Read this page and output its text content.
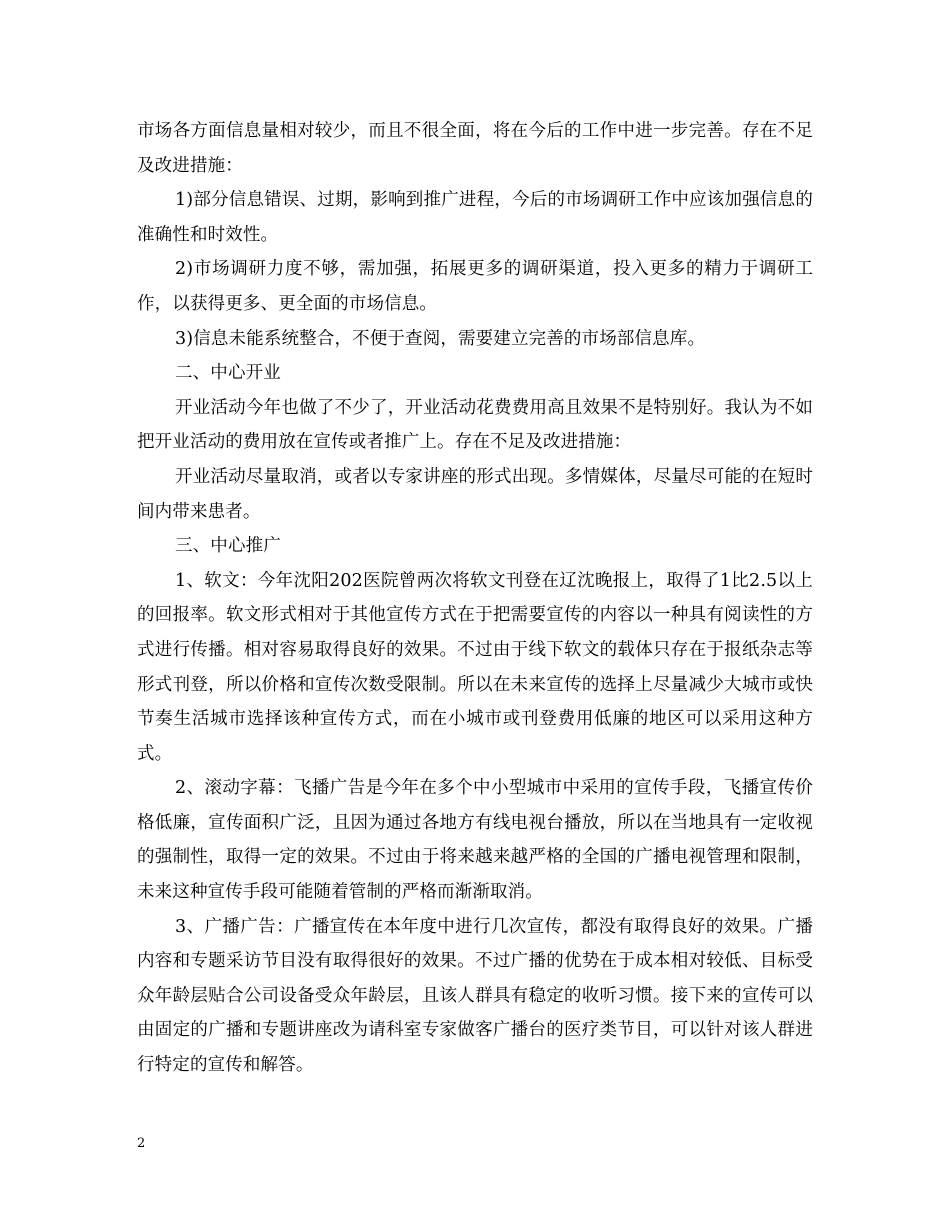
市场各方面信息量相对较少，而且不很全面，将在今后的工作中进一步完善。存在不足及改进措施：

1)部分信息错误、过期，影响到推广进程，今后的市场调研工作中应该加强信息的准确性和时效性。

2)市场调研力度不够，需加强，拓展更多的调研渠道，投入更多的精力于调研工作，以获得更多、更全面的市场信息。

3)信息未能系统整合，不便于查阅，需要建立完善的市场部信息库。

二、中心开业

开业活动今年也做了不少了，开业活动花费费用高且效果不是特别好。我认为不如把开业活动的费用放在宣传或者推广上。存在不足及改进措施：

开业活动尽量取消，或者以专家讲座的形式出现。多情媒体，尽量尽可能的在短时间内带来患者。

三、中心推广

1、软文：今年沈阳202医院曾两次将软文刊登在辽沈晚报上，取得了1比2.5以上的回报率。软文形式相对于其他宣传方式在于把需要宣传的内容以一种具有阅读性的方式进行传播。相对容易取得良好的效果。不过由于线下软文的载体只存在于报纸杂志等形式刊登，所以价格和宣传次数受限制。所以在未来宣传的选择上尽量减少大城市或快节奏生活城市选择该种宣传方式，而在小城市或刊登费用低廉的地区可以采用这种方式。

2、滚动字幕：飞播广告是今年在多个中小型城市中采用的宣传手段，飞播宣传价格低廉，宣传面积广泛，且因为通过各地方有线电视台播放，所以在当地具有一定收视的强制性，取得一定的效果。不过由于将来越来越严格的全国的广播电视管理和限制，未来这种宣传手段可能随着管制的严格而渐渐取消。

3、广播广告：广播宣传在本年度中进行几次宣传，都没有取得良好的效果。广播内容和专题采访节目没有取得很好的效果。不过广播的优势在于成本相对较低、目标受众年龄层贴合公司设备受众年龄层，且该人群具有稳定的收听习惯。接下来的宣传可以由固定的广播和专题讲座改为请科室专家做客广播台的医疗类节目，可以针对该人群进行特定的宣传和解答。

2
